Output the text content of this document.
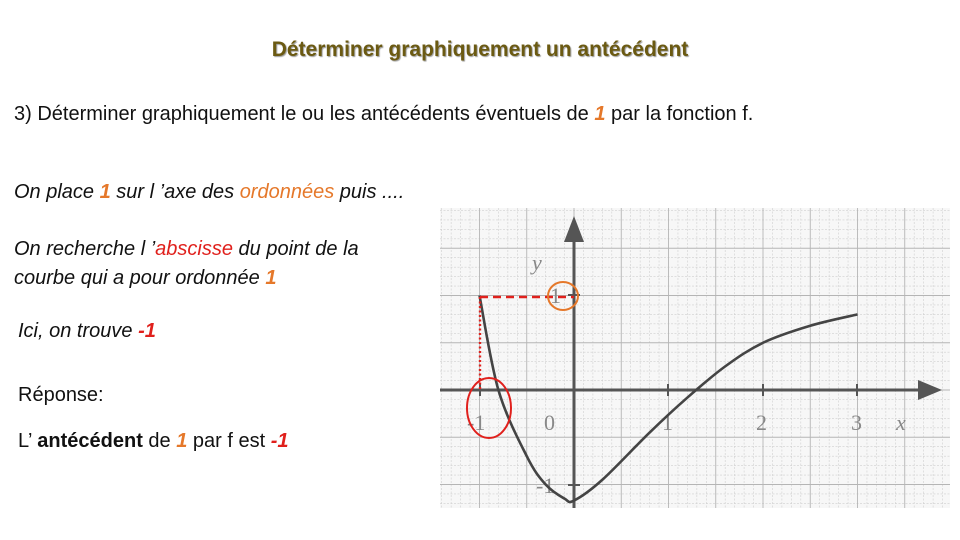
Déterminer graphiquement un antécédent
3) Déterminer graphiquement le ou les antécédents éventuels de 1 par la fonction f.
On place 1 sur l ’axe des ordonnées puis ....
On recherche l ’abscisse du point de la
courbe qui a pour ordonnée 1
Ici, on trouve -1
Réponse:
L’ antécédent de 1 par f est -1
-1	0	1	2	3 x
y
1
-1
